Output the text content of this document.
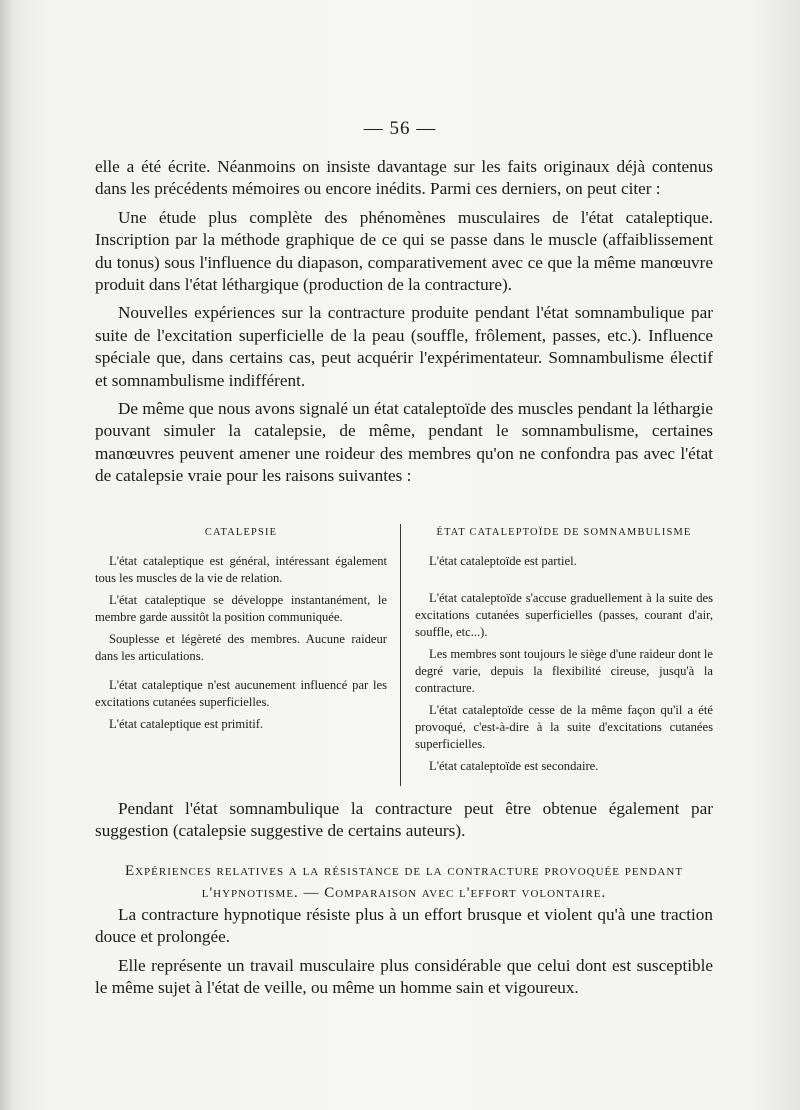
— 56 —

elle a été écrite. Néanmoins on insiste davantage sur les faits originaux déjà contenus dans les précédents mémoires ou encore inédits. Parmi ces derniers, on peut citer :

Une étude plus complète des phénomènes musculaires de l'état cataleptique. Inscription par la méthode graphique de ce qui se passe dans le muscle (affaiblissement du tonus) sous l'influence du diapason, comparativement avec ce que la même manœuvre produit dans l'état léthargique (production de la contracture).

Nouvelles expériences sur la contracture produite pendant l'état somnambulique par suite de l'excitation superficielle de la peau (souffle, frôlement, passes, etc.). Influence spéciale que, dans certains cas, peut acquérir l'expérimentateur. Somnambulisme électif et somnambulisme indifférent.

De même que nous avons signalé un état cataleptoïde des muscles pendant la léthargie pouvant simuler la catalepsie, de même, pendant le somnambulisme, certaines manœuvres peuvent amener une roideur des membres qu'on ne confondra pas avec l'état de catalepsie vraie pour les raisons suivantes :

CATALEPSIE

L'état cataleptique est général, intéressant également tous les muscles de la vie de relation.

L'état cataleptique se développe instantanément, le membre garde aussitôt la position communiquée.

Souplesse et légèreté des membres. Aucune raideur dans les articulations.

L'état cataleptique n'est aucunement influencé par les excitations cutanées superficielles.

L'état cataleptique est primitif.

ÉTAT CATALEPTOÏDE DE SOMNAMBULISME

L'état cataleptoïde est partiel.

L'état cataleptoïde s'accuse graduellement à la suite des excitations cutanées superficielles (passes, courant d'air, souffle, etc...).

Les membres sont toujours le siège d'une raideur dont le degré varie, depuis la flexibilité cireuse, jusqu'à la contracture.

L'état cataleptoïde cesse de la même façon qu'il a été provoqué, c'est-à-dire à la suite d'excitations cutanées superficielles.

L'état cataleptoïde est secondaire.

Pendant l'état somnambulique la contracture peut être obtenue également par suggestion (catalepsie suggestive de certains auteurs).

Expériences relatives a la résistance de la contracture provoquée pendant
l'hypnotisme. — Comparaison avec l'effort volontaire.

La contracture hypnotique résiste plus à un effort brusque et violent qu'à une traction douce et prolongée.

Elle représente un travail musculaire plus considérable que celui dont est susceptible le même sujet à l'état de veille, ou même un homme sain et vigoureux.
